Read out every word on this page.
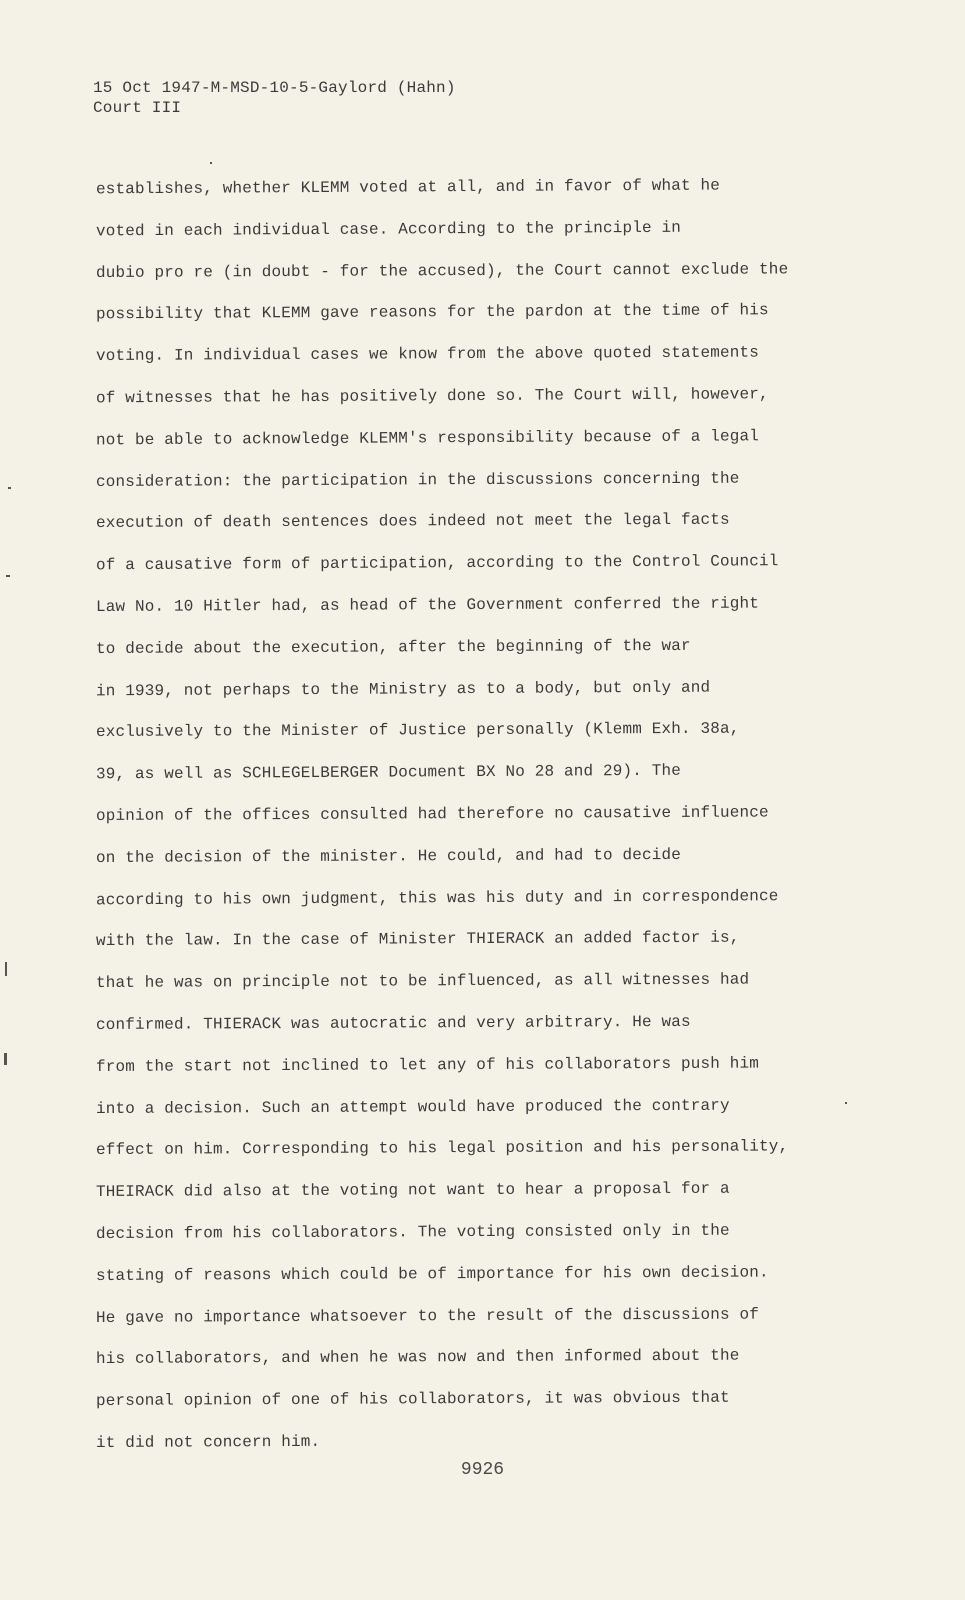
15 Oct 1947-M-MSD-10-5-Gaylord (Hahn)
Court III
establishes, whether KLEMM voted at all, and in favor of what he
voted in each individual case. According to the principle in
dubio pro re (in doubt - for the accused), the Court cannot exclude the
possibility that KLEMM gave reasons for the pardon at the time of his
voting. In individual cases we know from the above quoted statements
of witnesses that he has positively done so. The Court will, however,
not be able to acknowledge KLEMM's responsibility because of a legal
consideration: the participation in the discussions concerning the
execution of death sentences does indeed not meet the legal facts
of a causative form of participation, according to the Control Council
Law No. 10 Hitler had, as head of the Government conferred the right
to decide about the execution, after the beginning of the war
in 1939, not perhaps to the Ministry as to a body, but only and
exclusively to the Minister of Justice personally (Klemm Exh. 38a,
39, as well as SCHLEGELBERGER Document BX No 28 and 29). The
opinion of the offices consulted had therefore no causative influence
on the decision of the minister. He could, and had to decide
according to his own judgment, this was his duty and in correspondence
with the law. In the case of Minister THIERACK an added factor is,
that he was on principle not to be influenced, as all witnesses had
confirmed. THIERACK was autocratic and very arbitrary. He was
from the start not inclined to let any of his collaborators push him
into a decision. Such an attempt would have produced the contrary
effect on him. Corresponding to his legal position and his personality,
THEIRACK did also at the voting not want to hear a proposal for a
decision from his collaborators. The voting consisted only in the
stating of reasons which could be of importance for his own decision.
He gave no importance whatsoever to the result of the discussions of
his collaborators, and when he was now and then informed about the
personal opinion of one of his collaborators, it was obvious that
it did not concern him.
9926
